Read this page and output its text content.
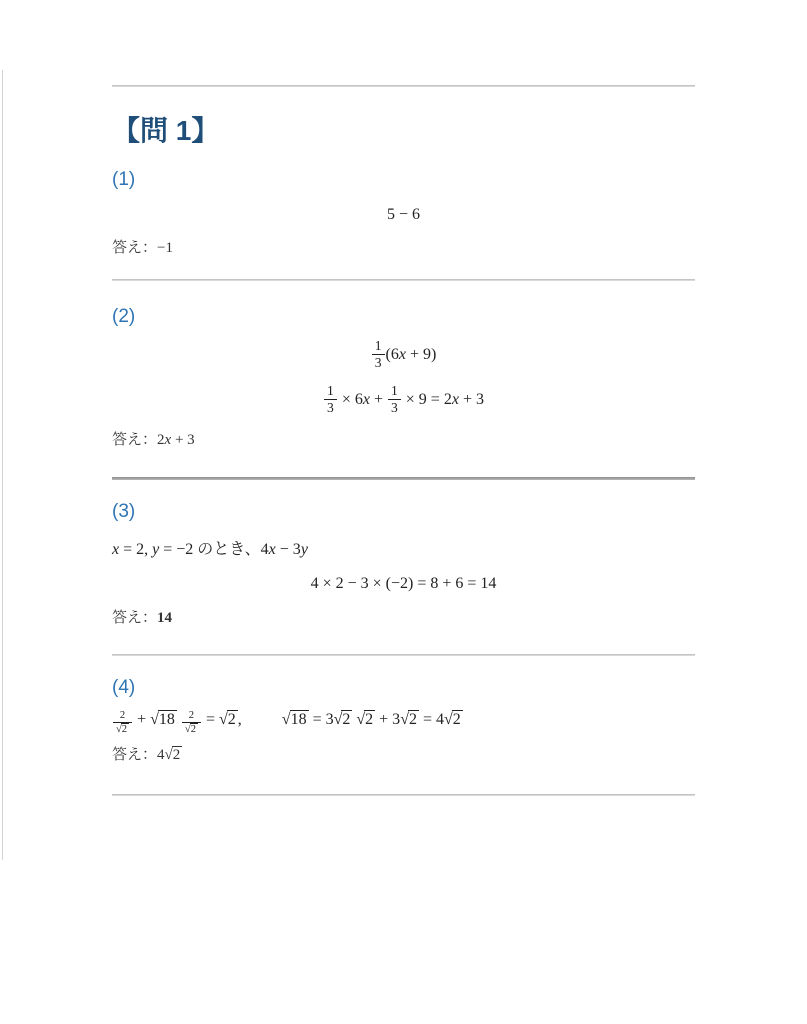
【問 1】
(1)
5 − 6
答え：−1
(2)
$\frac{1}{3} (6x + 9)$
$\frac{1}{3} \times 6x + \frac{1}{3} \times 9 = 2x + 3$
答え：2x + 3
(3)
x = 2, y = −2 のとき、4x − 3y
4 × 2 − 3 × (−2) = 8 + 6 = 14
答え：14
(4)
$\frac{2}{√2} + √18 \frac{2}{√2} = √2$ ,	√18 = 3√2 √2 + 3√2 = 4√2
答え：4√2
